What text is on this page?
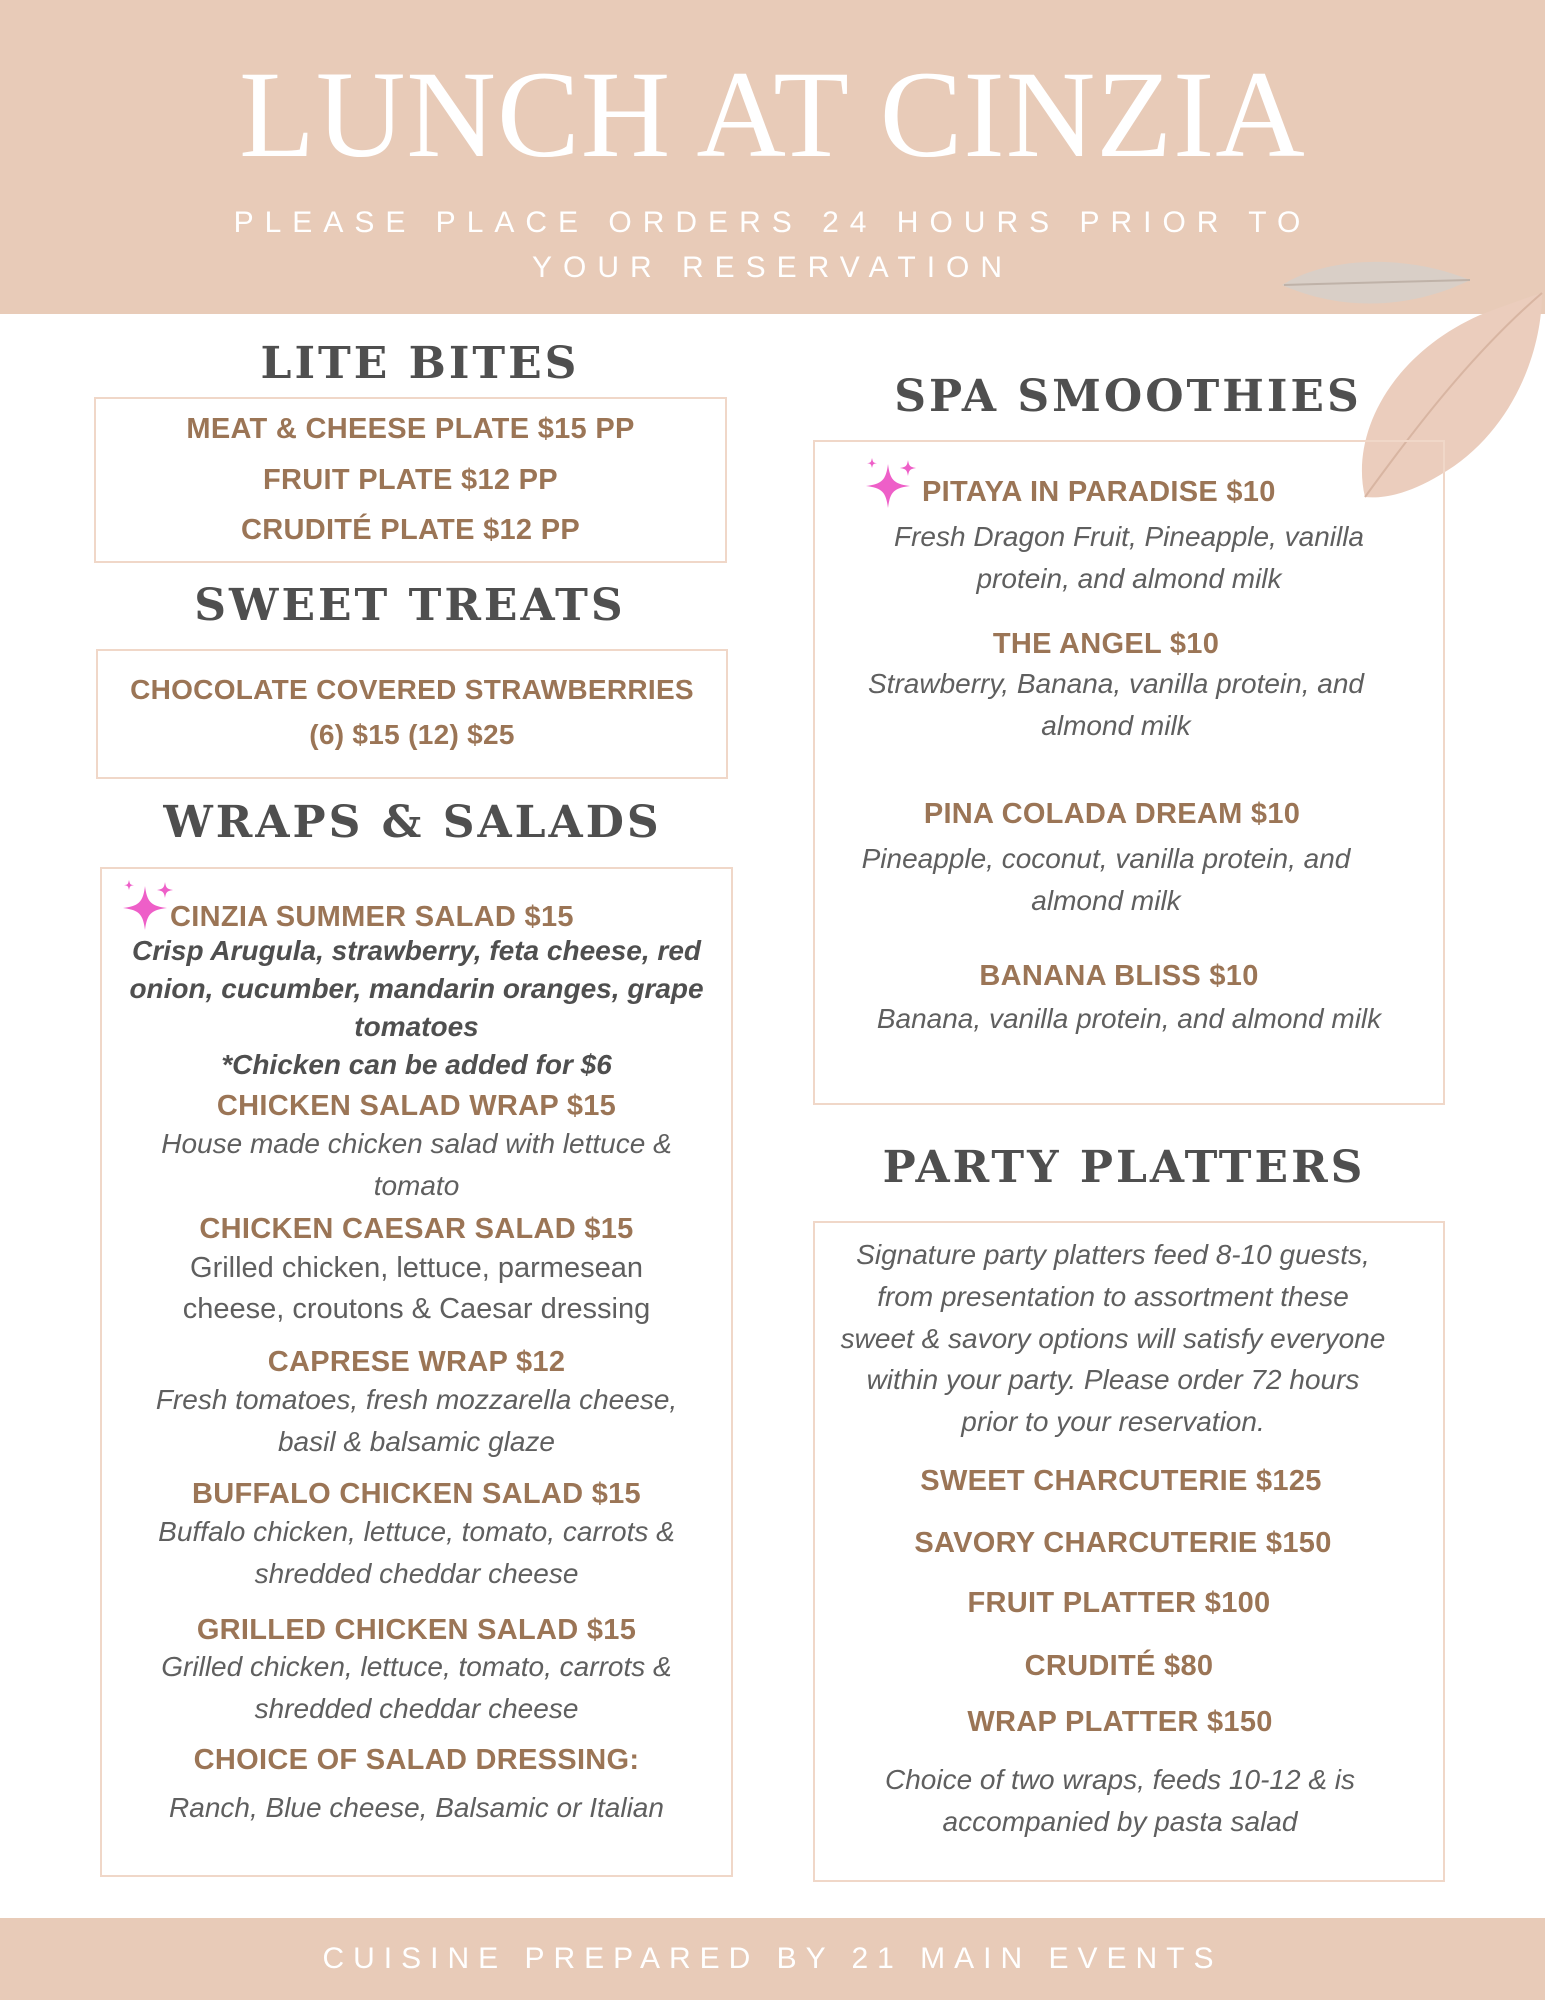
LUNCH AT CINZIA
PLEASE PLACE ORDERS 24 HOURS PRIOR TO
YOUR RESERVATION
LITE BITES
MEAT & CHEESE PLATE $15 PP
FRUIT PLATE $12 PP
CRUDITÉ PLATE $12 PP
SWEET TREATS
CHOCOLATE COVERED STRAWBERRIES
(6) $15 (12) $25
WRAPS & SALADS
CINZIA SUMMER SALAD $15
Crisp Arugula, strawberry, feta cheese, red
onion, cucumber, mandarin oranges, grape
tomatoes
*Chicken can be added for $6
CHICKEN SALAD WRAP $15
House made chicken salad with lettuce &
tomato
CHICKEN CAESAR SALAD $15
Grilled chicken, lettuce, parmesean
cheese, croutons & Caesar dressing
CAPRESE WRAP $12
Fresh tomatoes, fresh mozzarella cheese,
basil & balsamic glaze
BUFFALO CHICKEN SALAD $15
Buffalo chicken, lettuce, tomato, carrots &
shredded cheddar cheese
GRILLED CHICKEN SALAD $15
Grilled chicken, lettuce, tomato, carrots &
shredded cheddar cheese
CHOICE OF SALAD DRESSING:
Ranch, Blue cheese, Balsamic or Italian
SPA SMOOTHIES
PITAYA IN PARADISE $10
Fresh Dragon Fruit, Pineapple, vanilla
protein, and almond milk
THE ANGEL $10
Strawberry, Banana, vanilla protein, and
almond milk
PINA COLADA DREAM $10
Pineapple, coconut, vanilla protein, and
almond milk
BANANA BLISS $10
Banana, vanilla protein, and almond milk
PARTY PLATTERS
Signature party platters feed 8-10 guests,
from presentation to assortment these
sweet & savory options will satisfy everyone
within your party. Please order 72 hours
prior to your reservation.
SWEET CHARCUTERIE $125
SAVORY CHARCUTERIE $150
FRUIT PLATTER $100
CRUDITÉ $80
WRAP PLATTER $150
Choice of two wraps, feeds 10-12 & is
accompanied by pasta salad
CUISINE PREPARED BY 21 MAIN EVENTS
